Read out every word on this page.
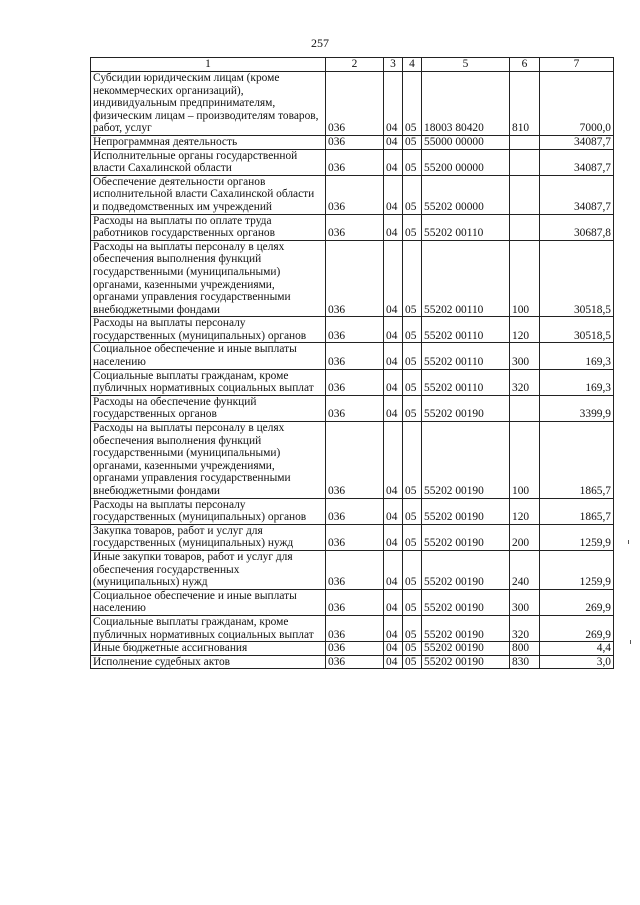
257
1	2	3	4	5	6	7
Субсидии юридическим лицам (кроме некоммерческих организаций), индивидуальным предпринимателям, физическим лицам – производителям товаров, работ, услуг	036	04	05	18003 80420	810	7000,0
Непрограммная деятельность	036	04	05	55000 00000		34087,7
Исполнительные органы государственной власти Сахалинской области	036	04	05	55200 00000		34087,7
Обеспечение деятельности органов исполнительной власти Сахалинской области и подведомственных им учреждений	036	04	05	55202 00000		34087,7
Расходы на выплаты по оплате труда работников государственных органов	036	04	05	55202 00110		30687,8
Расходы на выплаты персоналу в целях обеспечения выполнения функций государственными (муниципальными) органами, казенными учреждениями, органами управления государственными внебюджетными фондами	036	04	05	55202 00110	100	30518,5
Расходы на выплаты персоналу государственных (муниципальных) органов	036	04	05	55202 00110	120	30518,5
Социальное обеспечение и иные выплаты населению	036	04	05	55202 00110	300	169,3
Социальные выплаты гражданам, кроме публичных нормативных социальных выплат	036	04	05	55202 00110	320	169,3
Расходы на обеспечение функций государственных органов	036	04	05	55202 00190		3399,9
Расходы на выплаты персоналу в целях обеспечения выполнения функций государственными (муниципальными) органами, казенными учреждениями, органами управления государственными внебюджетными фондами	036	04	05	55202 00190	100	1865,7
Расходы на выплаты персоналу государственных (муниципальных) органов	036	04	05	55202 00190	120	1865,7
Закупка товаров, работ и услуг для государственных (муниципальных) нужд	036	04	05	55202 00190	200	1259,9
Иные закупки товаров, работ и услуг для обеспечения государственных (муниципальных) нужд	036	04	05	55202 00190	240	1259,9
Социальное обеспечение и иные выплаты населению	036	04	05	55202 00190	300	269,9
Социальные выплаты гражданам, кроме публичных нормативных социальных выплат	036	04	05	55202 00190	320	269,9
Иные бюджетные ассигнования	036	04	05	55202 00190	800	4,4
Исполнение судебных актов	036	04	05	55202 00190	830	3,0
